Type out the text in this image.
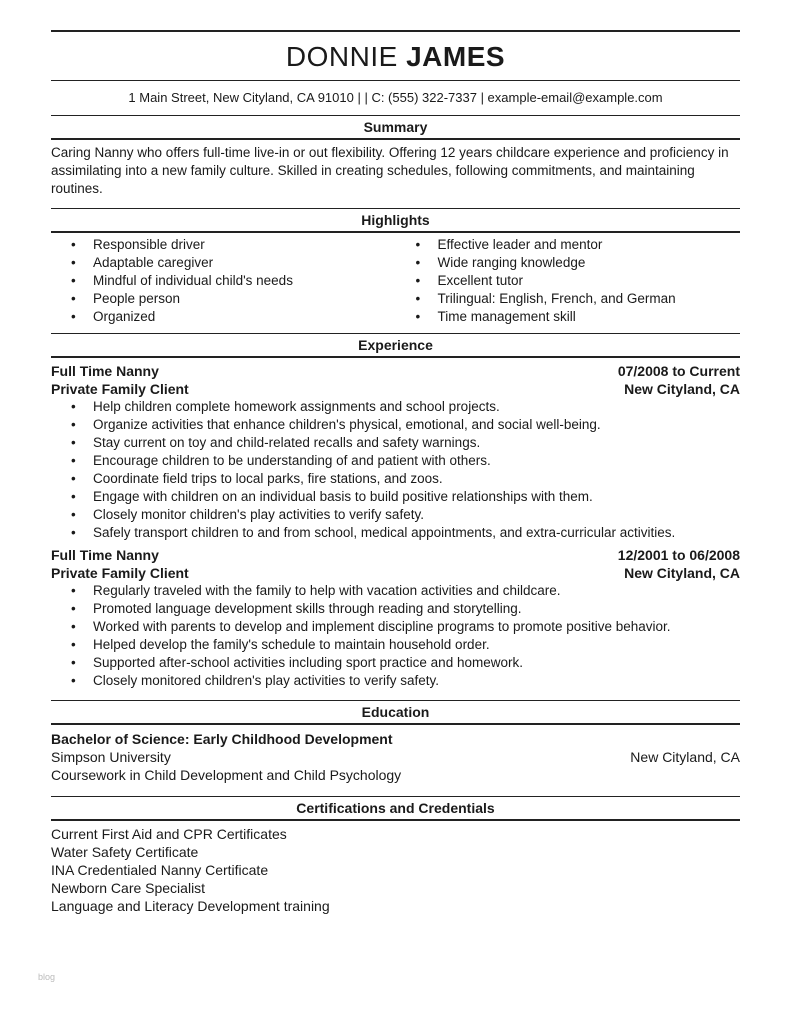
DONNIE JAMES
1 Main Street, New Cityland, CA 91010 | | C: (555) 322-7337 | example-email@example.com
Summary
Caring Nanny who offers full-time live-in or out flexibility. Offering 12 years childcare experience and proficiency in assimilating into a new family culture. Skilled in creating schedules, following commitments, and maintaining routines.
Highlights
• Responsible driver
• Adaptable caregiver
• Mindful of individual child's needs
• People person
• Organized
• Effective leader and mentor
• Wide ranging knowledge
• Excellent tutor
• Trilingual: English, French, and German
• Time management skill
Experience
Full Time Nanny	07/2008 to Current
Private Family Client	New Cityland, CA
• Help children complete homework assignments and school projects.
• Organize activities that enhance children's physical, emotional, and social well-being.
• Stay current on toy and child-related recalls and safety warnings.
• Encourage children to be understanding of and patient with others.
• Coordinate field trips to local parks, fire stations, and zoos.
• Engage with children on an individual basis to build positive relationships with them.
• Closely monitor children's play activities to verify safety.
• Safely transport children to and from school, medical appointments, and extra-curricular activities.
Full Time Nanny	12/2001 to 06/2008
Private Family Client	New Cityland, CA
• Regularly traveled with the family to help with vacation activities and childcare.
• Promoted language development skills through reading and storytelling.
• Worked with parents to develop and implement discipline programs to promote positive behavior.
• Helped develop the family's schedule to maintain household order.
• Supported after-school activities including sport practice and homework.
• Closely monitored children's play activities to verify safety.
Education
Bachelor of Science: Early Childhood Development
Simpson University	New Cityland, CA
Coursework in Child Development and Child Psychology
Certifications and Credentials
Current First Aid and CPR Certificates
Water Safety Certificate
INA Credentialed Nanny Certificate
Newborn Care Specialist
Language and Literacy Development training
blog
